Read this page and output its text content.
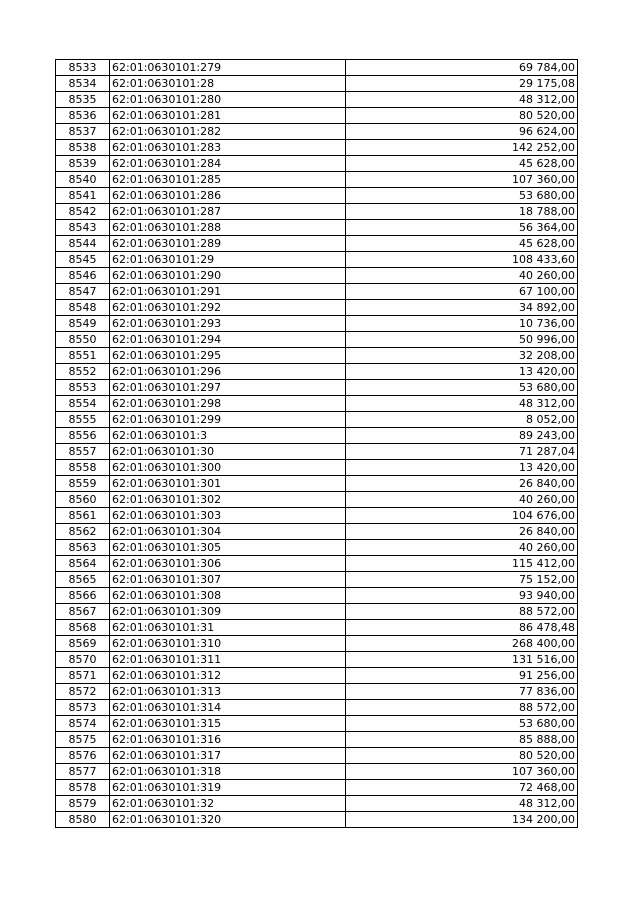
8533	62:01:0630101:279	69 784,00
8534	62:01:0630101:28	29 175,08
8535	62:01:0630101:280	48 312,00
8536	62:01:0630101:281	80 520,00
8537	62:01:0630101:282	96 624,00
8538	62:01:0630101:283	142 252,00
8539	62:01:0630101:284	45 628,00
8540	62:01:0630101:285	107 360,00
8541	62:01:0630101:286	53 680,00
8542	62:01:0630101:287	18 788,00
8543	62:01:0630101:288	56 364,00
8544	62:01:0630101:289	45 628,00
8545	62:01:0630101:29	108 433,60
8546	62:01:0630101:290	40 260,00
8547	62:01:0630101:291	67 100,00
8548	62:01:0630101:292	34 892,00
8549	62:01:0630101:293	10 736,00
8550	62:01:0630101:294	50 996,00
8551	62:01:0630101:295	32 208,00
8552	62:01:0630101:296	13 420,00
8553	62:01:0630101:297	53 680,00
8554	62:01:0630101:298	48 312,00
8555	62:01:0630101:299	8 052,00
8556	62:01:0630101:3	89 243,00
8557	62:01:0630101:30	71 287,04
8558	62:01:0630101:300	13 420,00
8559	62:01:0630101:301	26 840,00
8560	62:01:0630101:302	40 260,00
8561	62:01:0630101:303	104 676,00
8562	62:01:0630101:304	26 840,00
8563	62:01:0630101:305	40 260,00
8564	62:01:0630101:306	115 412,00
8565	62:01:0630101:307	75 152,00
8566	62:01:0630101:308	93 940,00
8567	62:01:0630101:309	88 572,00
8568	62:01:0630101:31	86 478,48
8569	62:01:0630101:310	268 400,00
8570	62:01:0630101:311	131 516,00
8571	62:01:0630101:312	91 256,00
8572	62:01:0630101:313	77 836,00
8573	62:01:0630101:314	88 572,00
8574	62:01:0630101:315	53 680,00
8575	62:01:0630101:316	85 888,00
8576	62:01:0630101:317	80 520,00
8577	62:01:0630101:318	107 360,00
8578	62:01:0630101:319	72 468,00
8579	62:01:0630101:32	48 312,00
8580	62:01:0630101:320	134 200,00
